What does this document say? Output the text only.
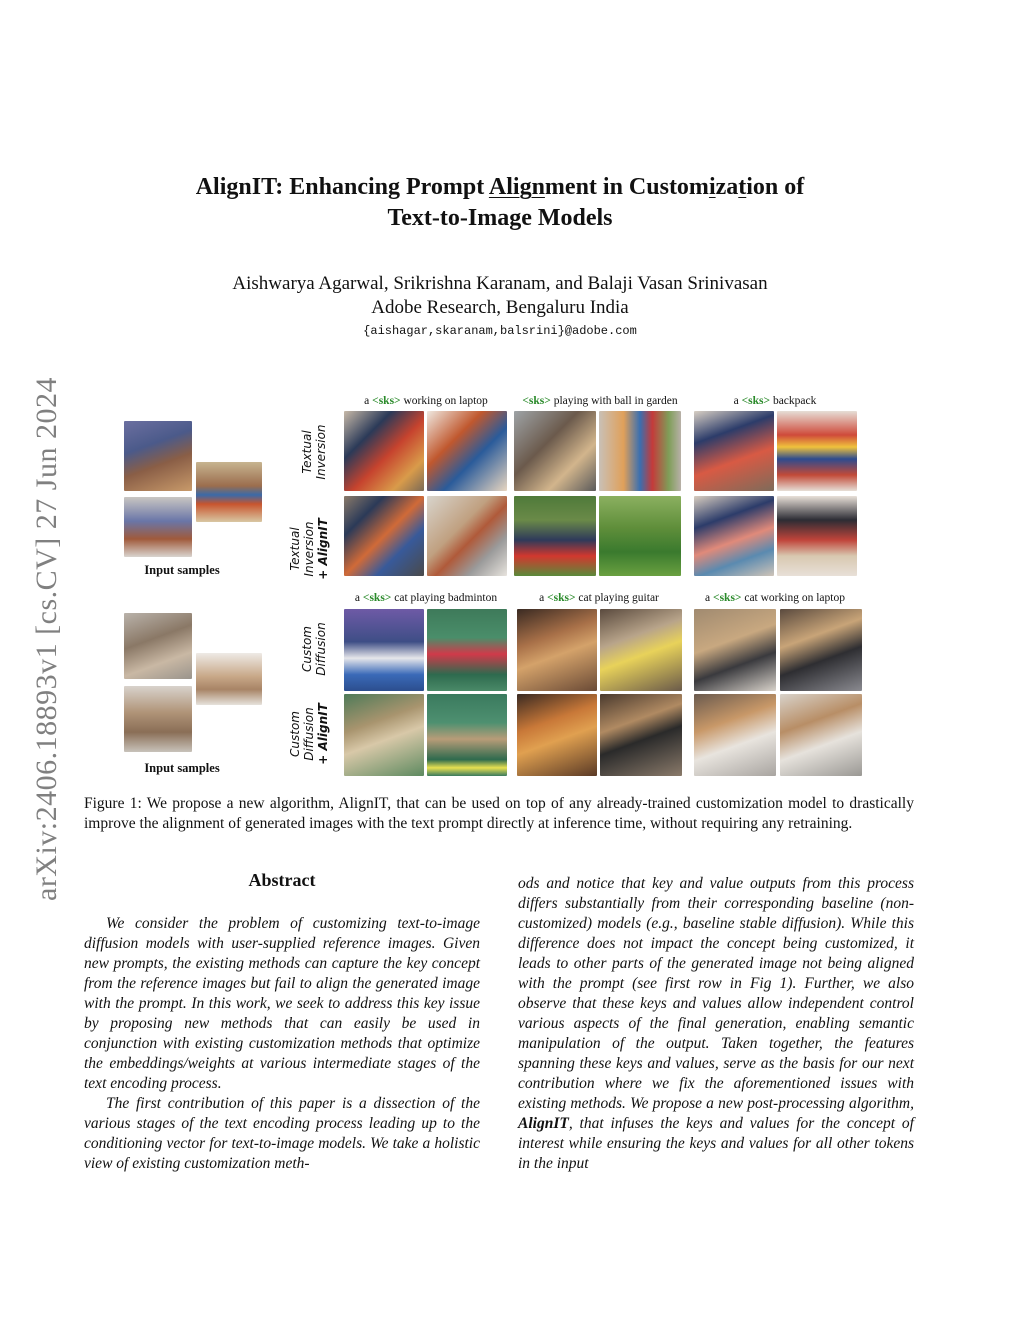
arXiv:2406.18893v1 [cs.CV] 27 Jun 2024
AlignIT: Enhancing Prompt Alignment in Customization of
Text-to-Image Models
Aishwarya Agarwal, Srikrishna Karanam, and Balaji Vasan Srinivasan
Adobe Research, Bengaluru India
{aishagar,skaranam,balsrini}@adobe.com
Input samples
a <sks> working on laptop	<sks> playing with ball in garden	a <sks> backpack
Textual
Inversion
Textual
Inversion
+ AlignIT
Input samples
a <sks> cat playing badminton	a <sks> cat playing guitar	a <sks> cat working on laptop
Custom
Diffusion
Custom
Diffusion
+ AlignIT
Figure 1: We propose a new algorithm, AlignIT, that can be used on top of any already-trained customization model to drastically improve the alignment of generated images with the text prompt directly at inference time, without requiring any retraining.
Abstract

We consider the problem of customizing text-to-image diffusion models with user-supplied reference images. Given new prompts, the existing methods can capture the key concept from the reference images but fail to align the generated image with the prompt. In this work, we seek to address this key issue by proposing new methods that can easily be used in conjunction with existing customization methods that optimize the embeddings/weights at various intermediate stages of the text encoding process.

The first contribution of this paper is a dissection of the various stages of the text encoding process leading up to the conditioning vector for text-to-image models. We take a holistic view of existing customization meth-

ods and notice that key and value outputs from this process differs substantially from their corresponding baseline (non-customized) models (e.g., baseline stable diffusion). While this difference does not impact the concept being customized, it leads to other parts of the generated image not being aligned with the prompt (see first row in Fig 1). Further, we also observe that these keys and values allow independent control various aspects of the final generation, enabling semantic manipulation of the output. Taken together, the features spanning these keys and values, serve as the basis for our next contribution where we fix the aforementioned issues with existing methods. We propose a new post-processing algorithm, AlignIT, that infuses the keys and values for the concept of interest while ensuring the keys and values for all other tokens in the input
